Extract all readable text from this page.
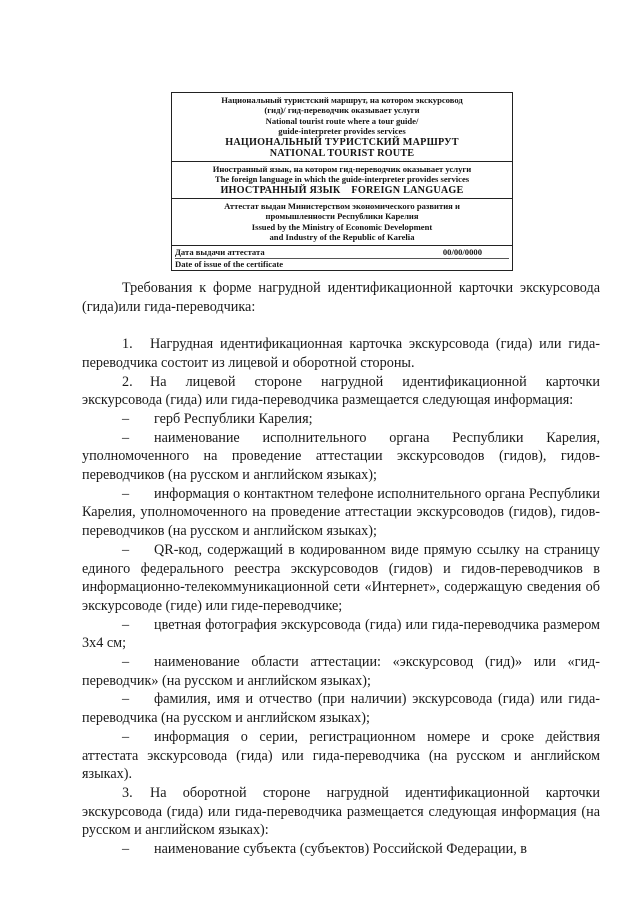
Национальный туристский маршрут, на котором экскурсовод
(гид)/ гид-переводчик оказывает услуги
National tourist route where a tour guide/
guide-interpreter provides services
НАЦИОНАЛЬНЫЙ ТУРИСТСКИЙ МАРШРУТ
NATIONAL TOURIST ROUTE
Иностранный язык, на котором гид-переводчик оказывает услуги
The foreign language in which the guide-interpreter provides services
ИНОСТРАННЫЙ ЯЗЫК    FOREIGN LANGUAGE
Аттестат выдан Министерством экономического развития и
промышленности Республики Карелия
Issued by the Ministry of Economic Development
and Industry of the Republic of Karelia
Дата выдачи аттестата	00/00/0000
Date of issue of the certificate

Требования к форме нагрудной идентификационной карточки экскурсовода (гида)или гида-переводчика:

1. Нагрудная идентификационная карточка экскурсовода (гида) или гида-переводчика состоит из лицевой и оборотной стороны.

2. На лицевой стороне нагрудной идентификационной карточки экскурсовода (гида) или гида-переводчика размещается следующая информация:

– герб Республики Карелия;

– наименование исполнительного органа Республики Карелия, уполномоченного на проведение аттестации экскурсоводов (гидов), гидов-переводчиков (на русском и английском языках);

– информация о контактном телефоне исполнительного органа Республики Карелия, уполномоченного на проведение аттестации экскурсоводов (гидов), гидов-переводчиков (на русском и английском языках);

– QR-код, содержащий в кодированном виде прямую ссылку на страницу единого федерального реестра экскурсоводов (гидов) и гидов-переводчиков в информационно-телекоммуникационной сети «Интернет», содержащую сведения об экскурсоводе (гиде) или гиде-переводчике;

– цветная фотография экскурсовода (гида) или гида-переводчика размером 3х4 см;

– наименование области аттестации: «экскурсовод (гид)» или «гид-переводчик» (на русском и английском языках);

– фамилия, имя и отчество (при наличии) экскурсовода (гида) или гида-переводчика (на русском и английском языках);

– информация о серии, регистрационном номере и сроке действия аттестата экскурсовода (гида) или гида-переводчика (на русском и английском языках).

3. На оборотной стороне нагрудной идентификационной карточки экскурсовода (гида) или гида-переводчика размещается следующая информация (на русском и английском языках):

– наименование субъекта (субъектов) Российской Федерации, в
